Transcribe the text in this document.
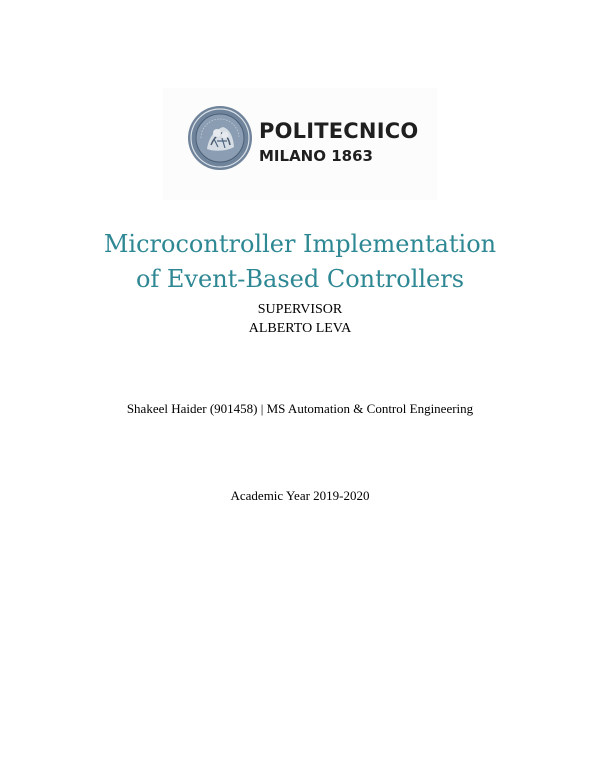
POLITECNICO
MILANO 1863
Microcontroller Implementation
of Event-Based Controllers
SUPERVISOR
ALBERTO LEVA
Shakeel Haider (901458) | MS Automation & Control Engineering
Academic Year 2019-2020
